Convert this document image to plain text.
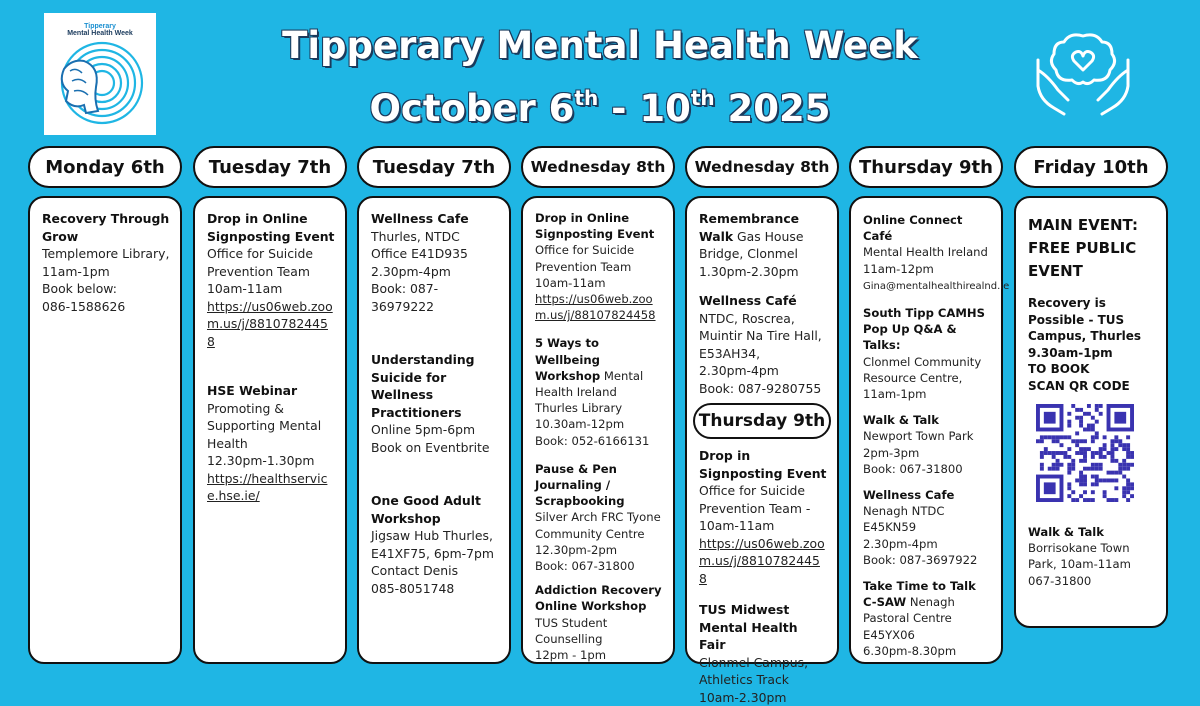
Tipperary
Mental Health Week	Tipperary Mental Health Week
October 6th - 10th 2025
Monday 6th	Tuesday 7th	Tuesday 7th	Wednesday 8th	Wednesday 8th	Thursday 9th	Friday 10th
Recovery Through Grow
Templemore Library, 11am-1pm
Book below:
086-1588626
Drop in Online Signposting Event
Office for Suicide Prevention Team
10am-11am
https://us06web.zoom.us/j/88107824458
HSE Webinar
Promoting & Supporting Mental Health
12.30pm-1.30pm
https://healthservice.hse.ie/
Wellness Cafe
Thurles, NTDC Office E41D935
2.30pm-4pm
Book: 087-36979222
Understanding Suicide for Wellness Practitioners
Online 5pm-6pm
Book on Eventbrite
One Good Adult Workshop
Jigsaw Hub Thurles, E41XF75, 6pm-7pm
Contact Denis
085-8051748
Drop in Online Signposting Event
Office for Suicide Prevention Team
10am-11am
https://us06web.zoom.us/j/88107824458
5 Ways to Wellbeing Workshop Mental Health Ireland Thurles Library
10.30am-12pm
Book: 052-6166131
Pause & Pen Journaling / Scrapbooking
Silver Arch FRC Tyone Community Centre
12.30pm-2pm
Book: 067-31800
Addiction Recovery Online Workshop
TUS Student Counselling
12pm - 1pm
Remembrance Walk Gas House Bridge, Clonmel
1.30pm-2.30pm
Wellness Café NTDC, Roscrea, Muintir Na Tire Hall, E53AH34,
2.30pm-4pm
Book: 087-9280755
Thursday 9th
Drop in Signposting Event Office for Suicide Prevention Team - 10am-11am
https://us06web.zoom.us/j/88107824458
TUS Midwest Mental Health Fair
Clonmel Campus, Athletics Track
10am-2.30pm
Online Connect Café
Mental Health Ireland
11am-12pm
Gina@mentalhealthirealnd.ie
South Tipp CAMHS Pop Up Q&A & Talks:
Clonmel Community Resource Centre,
11am-1pm
Walk & Talk
Newport Town Park
2pm-3pm
Book: 067-31800
Wellness Cafe
Nenagh NTDC E45KN59
2.30pm-4pm
Book: 087-3697922
Take Time to Talk C-SAW Nenagh Pastoral Centre E45YX06
6.30pm-8.30pm
MAIN EVENT:
FREE PUBLIC EVENT
Recovery is Possible - TUS Campus, Thurles
9.30am-1pm
TO BOOK
SCAN QR CODE
Walk & Talk
Borrisokane Town Park, 10am-11am
067-31800
